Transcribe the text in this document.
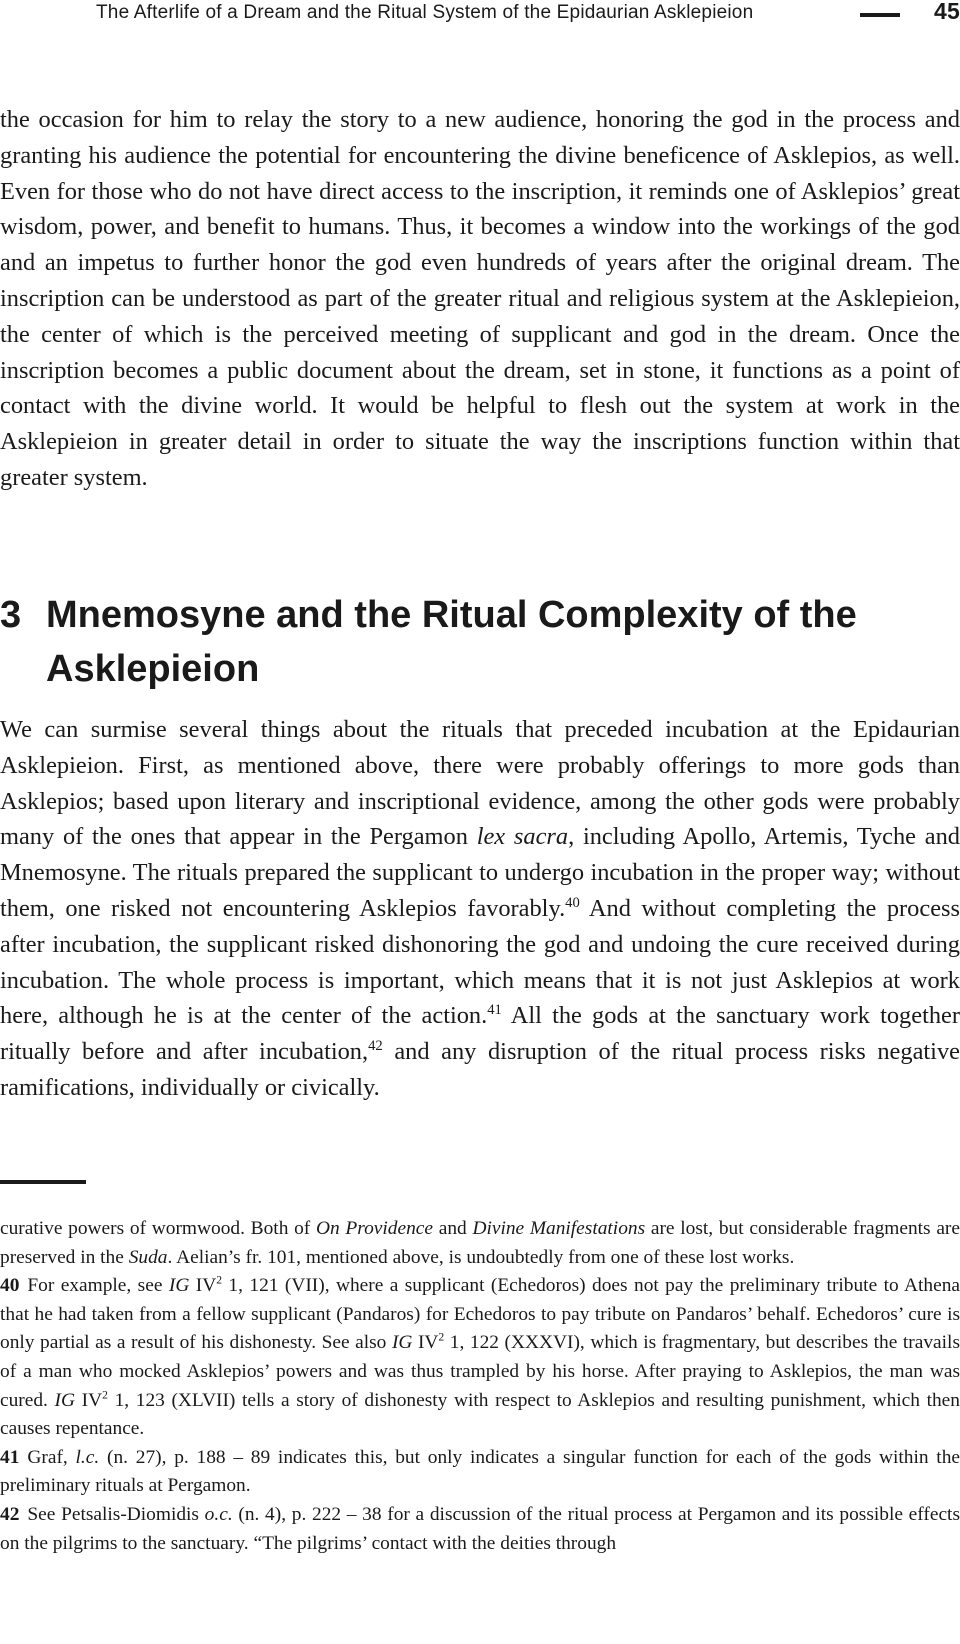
The Afterlife of a Dream and the Ritual System of the Epidaurian Asklepieion	45
the occasion for him to relay the story to a new audience, honoring the god in the process and granting his audience the potential for encountering the divine beneficence of Asklepios, as well. Even for those who do not have direct access to the inscription, it reminds one of Asklepios’ great wisdom, power, and benefit to humans. Thus, it becomes a window into the workings of the god and an impetus to further honor the god even hundreds of years after the original dream. The inscription can be understood as part of the greater ritual and religious system at the Asklepieion, the center of which is the perceived meeting of supplicant and god in the dream. Once the inscription becomes a public document about the dream, set in stone, it functions as a point of contact with the divine world. It would be helpful to flesh out the system at work in the Asklepieion in greater detail in order to situate the way the inscriptions function within that greater system.
3 Mnemosyne and the Ritual Complexity of the Asklepieion
We can surmise several things about the rituals that preceded incubation at the Epidaurian Asklepieion. First, as mentioned above, there were probably offerings to more gods than Asklepios; based upon literary and inscriptional evidence, among the other gods were probably many of the ones that appear in the Pergamon lex sacra, including Apollo, Artemis, Tyche and Mnemosyne. The rituals prepared the supplicant to undergo incubation in the proper way; without them, one risked not encountering Asklepios favorably.$^{40}$ And without completing the process after incubation, the supplicant risked dishonoring the god and undoing the cure received during incubation. The whole process is important, which means that it is not just Asklepios at work here, although he is at the center of the action.$^{41}$ All the gods at the sanctuary work together ritually before and after incubation,$^{42}$ and any disruption of the ritual process risks negative ramifications, individually or civically.

curative powers of wormwood. Both of On Providence and Divine Manifestations are lost, but considerable fragments are preserved in the Suda. Aelian’s fr. 101, mentioned above, is undoubtedly from one of these lost works.

40 For example, see IG $IV^2$ 1, 121 (VII), where a supplicant (Echedoros) does not pay the preliminary tribute to Athena that he had taken from a fellow supplicant (Pandaros) for Echedoros to pay tribute on Pandaros’ behalf. Echedoros’ cure is only partial as a result of his dishonesty. See also IG $IV^2$ 1, 122 (XXXVI), which is fragmentary, but describes the travails of a man who mocked Asklepios’ powers and was thus trampled by his horse. After praying to Asklepios, the man was cured. IG $IV^2$ 1, 123 (XLVII) tells a story of dishonesty with respect to Asklepios and resulting punishment, which then causes repentance.

41 Graf, l.c. (n. 27), p. 188 – 89 indicates this, but only indicates a singular function for each of the gods within the preliminary rituals at Pergamon.

42 See Petsalis-Diomidis o.c. (n. 4), p. 222 – 38 for a discussion of the ritual process at Pergamon and its possible effects on the pilgrims to the sanctuary. “The pilgrims’ contact with the deities through
